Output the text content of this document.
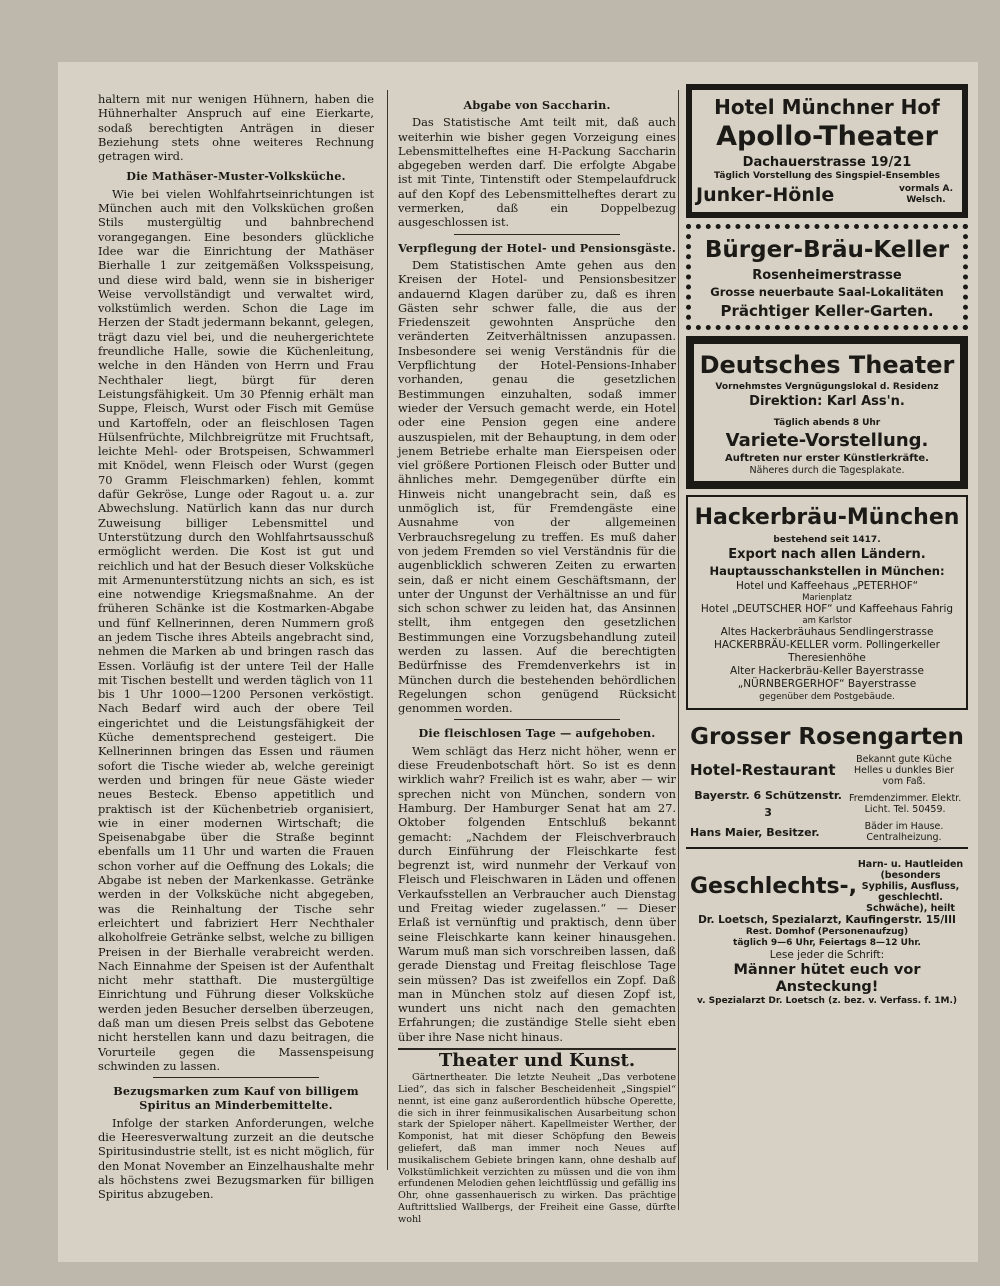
haltern mit nur wenigen Hühnern, haben die Hühnerhalter Anspruch auf eine Eierkarte, sodaß berechtigten Anträgen in dieser Beziehung stets ohne weiteres Rechnung getragen wird.

Die Mathäser-Muster-Volksküche.

Wie bei vielen Wohlfahrtseinrichtungen ist München auch mit den Volksküchen großen Stils mustergültig und bahnbrechend vorangegangen. Eine besonders glückliche Idee war die Einrichtung der Mathäser Bierhalle 1 zur zeitgemäßen Volksspeisung, und diese wird bald, wenn sie in bisheriger Weise vervollständigt und verwaltet wird, volkstümlich werden. Schon die Lage im Herzen der Stadt jedermann bekannt, gelegen, trägt dazu viel bei, und die neuhergerichtete freundliche Halle, sowie die Küchenleitung, welche in den Händen von Herrn und Frau Nechthaler liegt, bürgt für deren Leistungsfähigkeit. Um 30 Pfennig erhält man Suppe, Fleisch, Wurst oder Fisch mit Gemüse und Kartoffeln, oder an fleischlosen Tagen Hülsenfrüchte, Milchbreigrütze mit Fruchtsaft, leichte Mehl- oder Brotspeisen, Schwammerl mit Knödel, wenn Fleisch oder Wurst (gegen 70 Gramm Fleischmarken) fehlen, kommt dafür Gekröse, Lunge oder Ragout u. a. zur Abwechslung. Natürlich kann das nur durch Zuweisung billiger Lebensmittel und Unterstützung durch den Wohlfahrtsausschuß ermöglicht werden. Die Kost ist gut und reichlich und hat der Besuch dieser Volksküche mit Armenunterstützung nichts an sich, es ist eine notwendige Kriegsmaßnahme. An der früheren Schänke ist die Kostmarken-Abgabe und fünf Kellnerinnen, deren Nummern groß an jedem Tische ihres Abteils angebracht sind, nehmen die Marken ab und bringen rasch das Essen. Vorläufig ist der untere Teil der Halle mit Tischen bestellt und werden täglich von 11 bis 1 Uhr 1000—1200 Personen verköstigt. Nach Bedarf wird auch der obere Teil eingerichtet und die Leistungsfähigkeit der Küche dementsprechend gesteigert. Die Kellnerinnen bringen das Essen und räumen sofort die Tische wieder ab, welche gereinigt werden und bringen für neue Gäste wieder neues Besteck. Ebenso appetitlich und praktisch ist der Küchenbetrieb organisiert, wie in einer modernen Wirtschaft; die Speisenabgabe über die Straße beginnt ebenfalls um 11 Uhr und warten die Frauen schon vorher auf die Oeffnung des Lokals; die Abgabe ist neben der Markenkasse. Getränke werden in der Volksküche nicht abgegeben, was die Reinhaltung der Tische sehr erleichtert und fabriziert Herr Nechthaler alkoholfreie Getränke selbst, welche zu billigen Preisen in der Bierhalle verabreicht werden. Nach Einnahme der Speisen ist der Aufenthalt nicht mehr statthaft. Die mustergültige Einrichtung und Führung dieser Volksküche werden jeden Besucher derselben überzeugen, daß man um diesen Preis selbst das Gebotene nicht herstellen kann und dazu beitragen, die Vorurteile gegen die Massenspeisung schwinden zu lassen.

Bezugsmarken zum Kauf von billigem Spiritus an Minderbemittelte.

Infolge der starken Anforderungen, welche die Heeresverwaltung zurzeit an die deutsche Spiritusindustrie stellt, ist es nicht möglich, für den Monat November an Einzelhaushalte mehr als höchstens zwei Bezugsmarken für billigen Spiritus abzugeben.

Abgabe von Saccharin.

Das Statistische Amt teilt mit, daß auch weiterhin wie bisher gegen Vorzeigung eines Lebensmittelheftes eine H-Packung Saccharin abgegeben werden darf. Die erfolgte Abgabe ist mit Tinte, Tintenstift oder Stempelaufdruck auf den Kopf des Lebensmittelheftes derart zu vermerken, daß ein Doppelbezug ausgeschlossen ist.

Verpflegung der Hotel- und Pensionsgäste.

Dem Statistischen Amte gehen aus den Kreisen der Hotel- und Pensionsbesitzer andauernd Klagen darüber zu, daß es ihren Gästen sehr schwer falle, die aus der Friedenszeit gewohnten Ansprüche den veränderten Zeitverhältnissen anzupassen. Insbesondere sei wenig Verständnis für die Verpflichtung der Hotel-Pensions-Inhaber vorhanden, genau die gesetzlichen Bestimmungen einzuhalten, sodaß immer wieder der Versuch gemacht werde, ein Hotel oder eine Pension gegen eine andere auszuspielen, mit der Behauptung, in dem oder jenem Betriebe erhalte man Eierspeisen oder viel größere Portionen Fleisch oder Butter und ähnliches mehr. Demgegenüber dürfte ein Hinweis nicht unangebracht sein, daß es unmöglich ist, für Fremdengäste eine Ausnahme von der allgemeinen Verbrauchsregelung zu treffen. Es muß daher von jedem Fremden so viel Verständnis für die augenblicklich schweren Zeiten zu erwarten sein, daß er nicht einem Geschäftsmann, der unter der Ungunst der Verhältnisse an und für sich schon schwer zu leiden hat, das Ansinnen stellt, ihm entgegen den gesetzlichen Bestimmungen eine Vorzugsbehandlung zuteil werden zu lassen. Auf die berechtigten Bedürfnisse des Fremdenverkehrs ist in München durch die bestehenden behördlichen Regelungen schon genügend Rücksicht genommen worden.

Die fleischlosen Tage — aufgehoben.

Wem schlägt das Herz nicht höher, wenn er diese Freudenbotschaft hört. So ist es denn wirklich wahr? Freilich ist es wahr, aber — wir sprechen nicht von München, sondern von Hamburg. Der Hamburger Senat hat am 27. Oktober folgenden Entschluß bekannt gemacht: „Nachdem der Fleischverbrauch durch Einführung der Fleischkarte fest begrenzt ist, wird nunmehr der Verkauf von Fleisch und Fleischwaren in Läden und offenen Verkaufsstellen an Verbraucher auch Dienstag und Freitag wieder zugelassen.“ — Dieser Erlaß ist vernünftig und praktisch, denn über seine Fleischkarte kann keiner hinausgehen. Warum muß man sich vorschreiben lassen, daß gerade Dienstag und Freitag fleischlose Tage sein müssen? Das ist zweifellos ein Zopf. Daß man in München stolz auf diesen Zopf ist, wundert uns nicht nach den gemachten Erfahrungen; die zuständige Stelle sieht eben über ihre Nase nicht hinaus.

Theater und Kunst.

Gärtnertheater. Die letzte Neuheit „Das verbotene Lied“, das sich in falscher Bescheidenheit „Singspiel“ nennt, ist eine ganz außerordentlich hübsche Operette, die sich in ihrer feinmusikalischen Ausarbeitung schon stark der Spieloper nähert. Kapellmeister Werther, der Komponist, hat mit dieser Schöpfung den Beweis geliefert, daß man immer noch Neues auf musikalischem Gebiete bringen kann, ohne deshalb auf Volkstümlichkeit verzichten zu müssen und die von ihm erfundenen Melodien gehen leichtflüssig und gefällig ins Ohr, ohne gassenhauerisch zu wirken. Das prächtige Auftrittslied Wallbergs, der Freiheit eine Gasse, dürfte wohl

Hotel Münchner Hof
Apollo-Theater
Dachauerstrasse 19/21
Täglich Vorstellung des Singspiel-Ensembles
Junker-Hönle	vormals A. Welsch.
Bürger-Bräu-Keller
Rosenheimerstrasse
Grosse neuerbaute Saal-Lokalitäten
Prächtiger Keller-Garten.
Deutsches Theater
Vornehmstes Vergnügungslokal d. Residenz
Direktion: Karl Ass'n.
Täglich abends 8 Uhr
Variete-Vorstellung.
Auftreten nur erster Künstlerkräfte.
Näheres durch die Tagesplakate.
Hackerbräu-München
bestehend seit 1417.
Export nach allen Ländern.
Hauptausschankstellen in München:
Hotel und Kaffeehaus „PETERHOF“
Marienplatz
Hotel „DEUTSCHER HOF“ und Kaffeehaus Fahrig
am Karlstor
Altes Hackerbräuhaus Sendlingerstrasse
HACKERBRÄU-KELLER vorm. Pollingerkeller Theresienhöhe
Alter Hackerbräu-Keller Bayerstrasse
„NÜRNBERGERHOF“ Bayerstrasse
gegenüber dem Postgebäude.
Grosser Rosengarten
Hotel-Restaurant
Bekannt gute Küche Helles u dunkles Bier vom Faß.
Bayerstr. 6 Schützenstr. 3
Fremdenzimmer. Elektr. Licht. Tel. 50459.
Hans Maier, Besitzer.	Bäder im Hause. Centralheizung.
Geschlechts-,
Harn- u. Hautleiden (besonders Syphilis, Ausfluss, geschlechtl. Schwäche), heilt
Dr. Loetsch, Spezialarzt, Kaufingerstr. 15/III
Rest. Domhof (Personenaufzug)
täglich 9—6 Uhr, Feiertags 8—12 Uhr.
Lese jeder die Schrift:
Männer hütet euch vor Ansteckung!
v. Spezialarzt Dr. Loetsch (z. bez. v. Verfass. f. 1M.)
